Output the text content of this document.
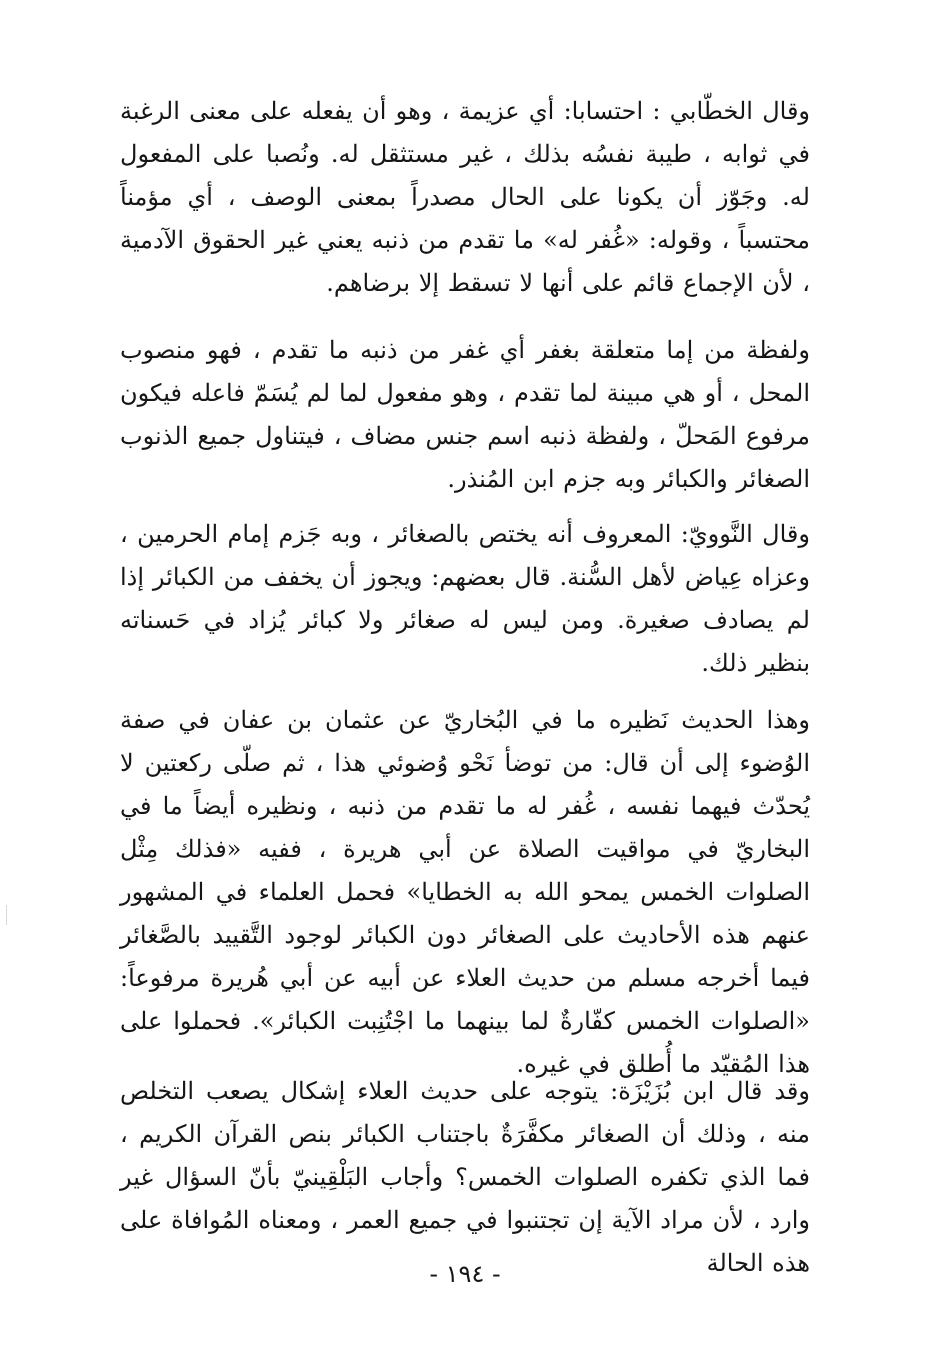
وقال الخطّابي : احتسابا: أي عزيمة ، وهو أن يفعله على معنى الرغبة في ثوابه ، طيبة نفسُه بذلك ، غير مستثقل له. ونُصبا على المفعول له. وجَوّز أن يكونا على الحال مصدراً بمعنى الوصف ، أي مؤمناً محتسباً ، وقوله: «غُفر له» ما تقدم من ذنبه يعني غير الحقوق الآدمية ، لأن الإجماع قائم على أنها لا تسقط إلا برضاهم.

ولفظة من إما متعلقة بغفر أي غفر من ذنبه ما تقدم ، فهو منصوب المحل ، أو هي مبينة لما تقدم ، وهو مفعول لما لم يُسَمّ فاعله فيكون مرفوع المَحلّ ، ولفظة ذنبه اسم جنس مضاف ، فيتناول جميع الذنوب الصغائر والكبائر وبه جزم ابن المُنذر.

وقال النَّوويّ: المعروف أنه يختص بالصغائر ، وبه جَزم إمام الحرمين ، وعزاه عِياض لأهل السُّنة. قال بعضهم: ويجوز أن يخفف من الكبائر إذا لم يصادف صغيرة. ومن ليس له صغائر ولا كبائر يُزاد في حَسناته بنظير ذلك.

وهذا الحديث نَظيره ما في البُخاريّ عن عثمان بن عفان في صفة الوُضوء إلى أن قال: من توضأ نَحْو وُضوئي هذا ، ثم صلّى ركعتين لا يُحدّث فيهما نفسه ، غُفر له ما تقدم من ذنبه ، ونظيره أيضاً ما في البخاريّ في مواقيت الصلاة عن أبي هريرة ، ففيه «فذلك مِثْل الصلوات الخمس يمحو الله به الخطايا» فحمل العلماء في المشهور عنهم هذه الأحاديث على الصغائر دون الكبائر لوجود التَّقييد بالصَّغائر فيما أخرجه مسلم من حديث العلاء عن أبيه عن أبي هُريرة مرفوعاً: «الصلوات الخمس كفّارةٌ لما بينهما ما اجْتُنِبت الكبائر». فحملوا على هذا المُقيّد ما أُطلق في غيره.

وقد قال ابن بُزَيْزَة: يتوجه على حديث العلاء إشكال يصعب التخلص منه ، وذلك أن الصغائر مكفَّرَةٌ باجتناب الكبائر بنص القرآن الكريم ، فما الذي تكفره الصلوات الخمس؟ وأجاب البَلْقِينيّ بأنّ السؤال غير وارد ، لأن مراد الآية إن تجتنبوا في جميع العمر ، ومعناه المُوافاة على هذه الحالة

- ١٩٤ -
